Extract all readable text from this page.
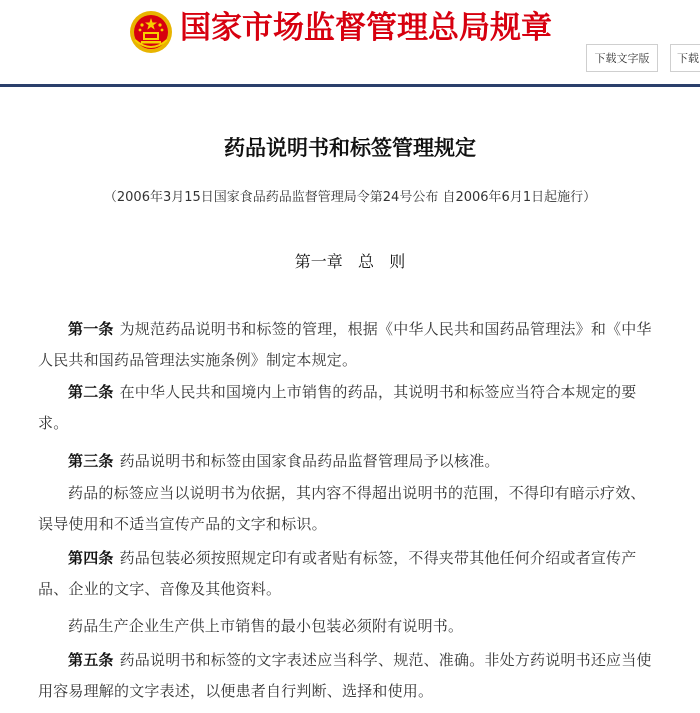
国家市场监督管理总局规章
下载文字版	下载
药品说明书和标签管理规定
（2006年3月15日国家食品药品监督管理局令第24号公布 自2006年6月1日起施行）
第一章   总   则
第一条 为规范药品说明书和标签的管理，根据《中华人民共和国药品管理法》和《中华人民共和国药品管理法实施条例》制定本规定。
第二条 在中华人民共和国境内上市销售的药品，其说明书和标签应当符合本规定的要求。
第三条 药品说明书和标签由国家食品药品监督管理局予以核准。
药品的标签应当以说明书为依据，其内容不得超出说明书的范围，不得印有暗示疗效、误导使用和不适当宣传产品的文字和标识。
第四条 药品包装必须按照规定印有或者贴有标签，不得夹带其他任何介绍或者宣传产品、企业的文字、音像及其他资料。
药品生产企业生产供上市销售的最小包装必须附有说明书。
第五条 药品说明书和标签的文字表述应当科学、规范、准确。非处方药说明书还应当使用容易理解的文字表述，以便患者自行判断、选择和使用。
